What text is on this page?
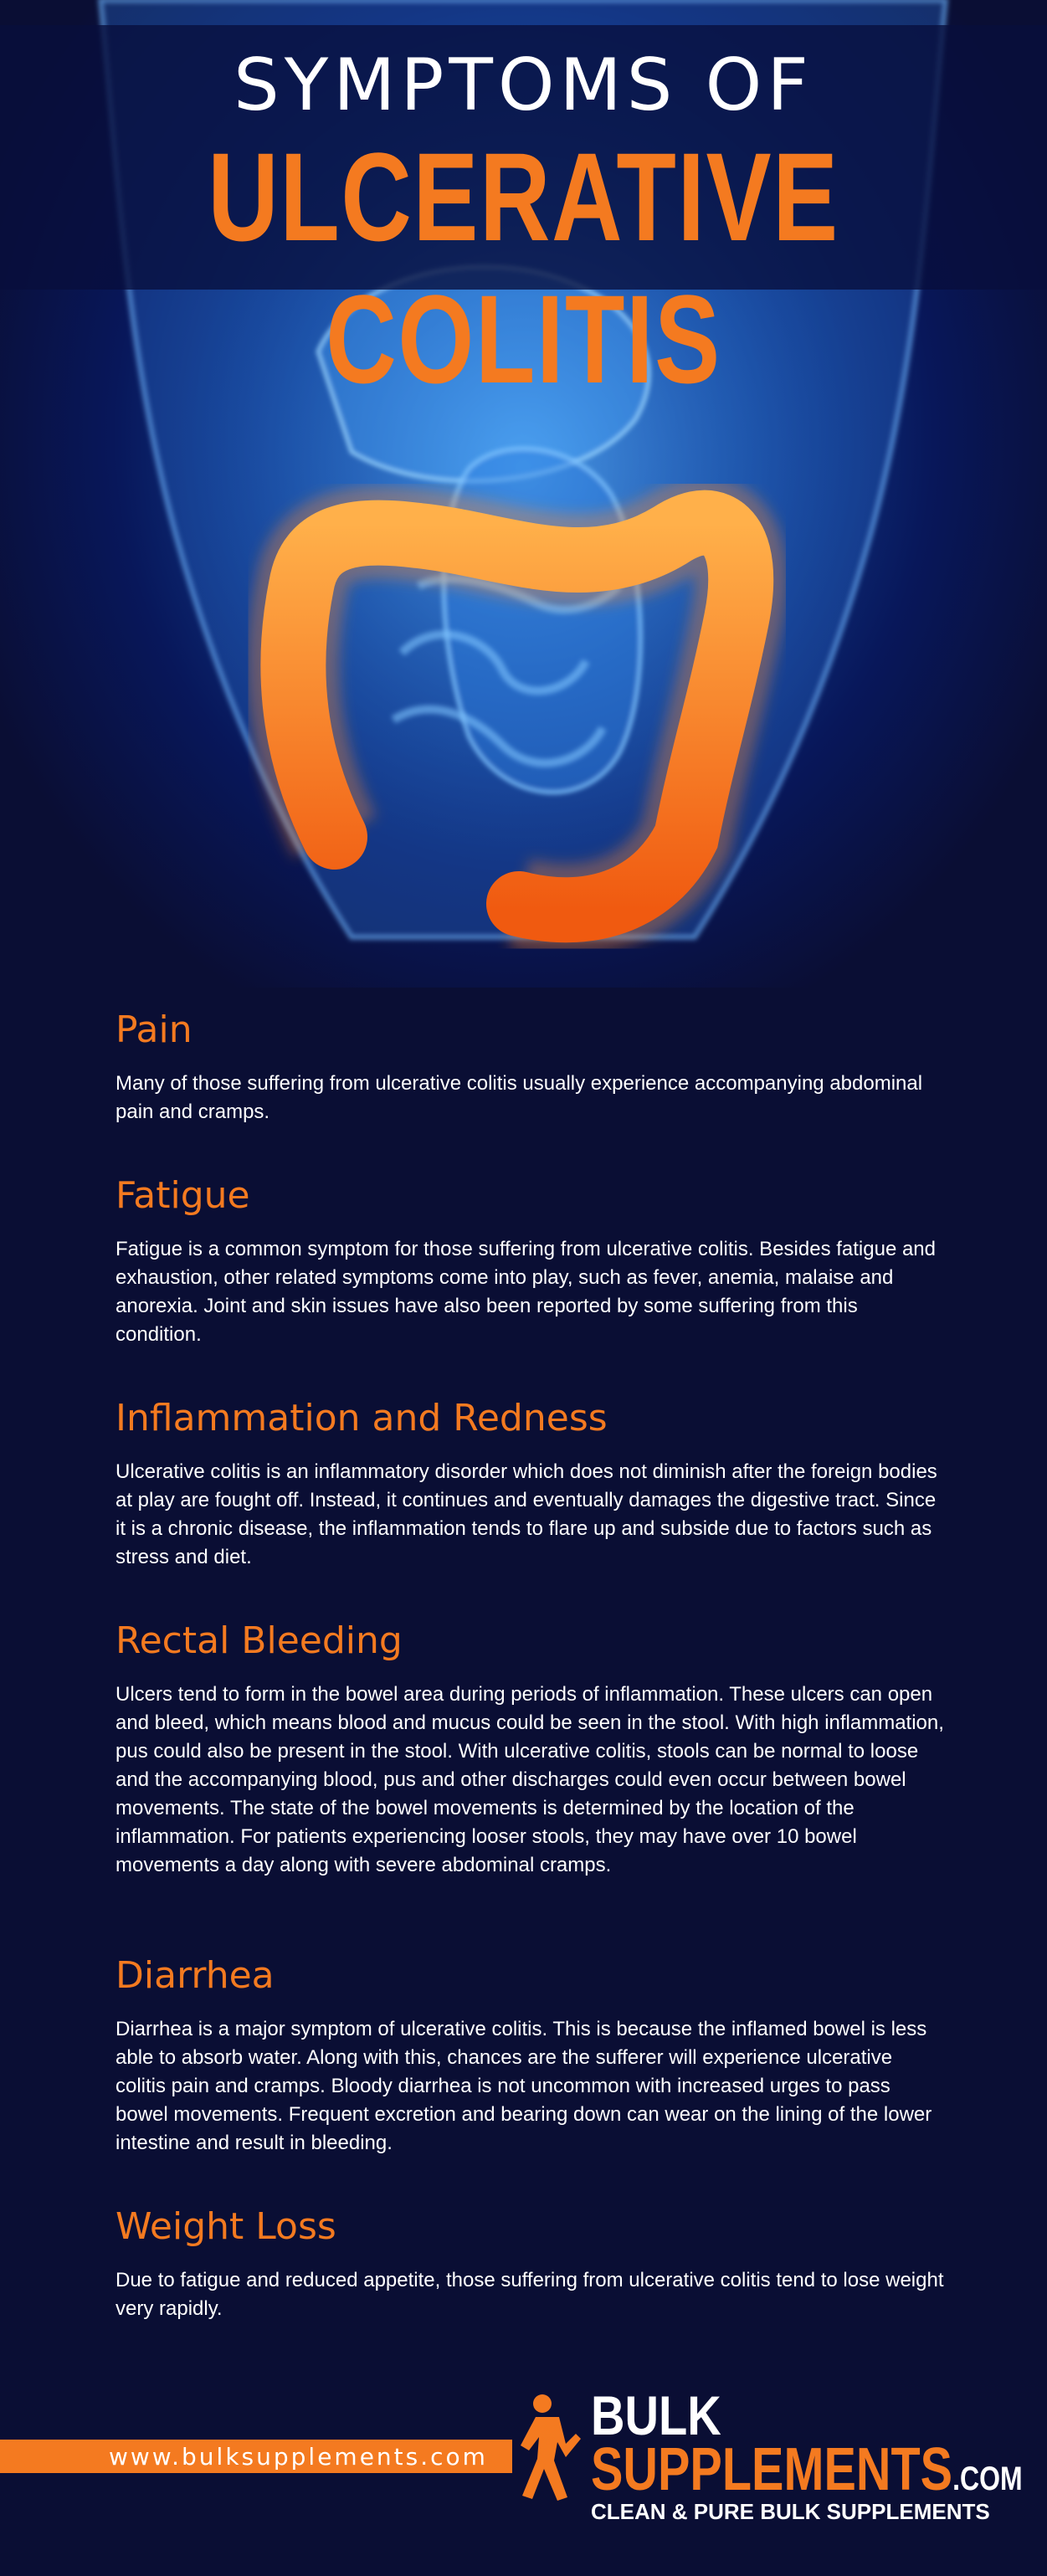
SYMPTOMS OF
ULCERATIVE COLITIS
Pain

Many of those suffering from ulcerative colitis usually experience accompanying abdominal pain and cramps.

Fatigue

Fatigue is a common symptom for those suffering from ulcerative colitis. Besides fatigue and exhaustion, other related symptoms come into play, such as fever, anemia, malaise and anorexia. Joint and skin issues have also been reported by some suffering from this condition.

Inflammation and Redness

Ulcerative colitis is an inflammatory disorder which does not diminish after the foreign bodies at play are fought off. Instead, it continues and eventually damages the digestive tract. Since it is a chronic disease, the inflammation tends to flare up and subside due to factors such as stress and diet.

Rectal Bleeding

Ulcers tend to form in the bowel area during periods of inflammation. These ulcers can open and bleed, which means blood and mucus could be seen in the stool. With high inflammation, pus could also be present in the stool. With ulcerative colitis, stools can be normal to loose and the accompanying blood, pus and other discharges could even occur between bowel movements. The state of the bowel movements is determined by the location of the inflammation. For patients experiencing looser stools, they may have over 10 bowel movements a day along with severe abdominal cramps.

Diarrhea

Diarrhea is a major symptom of ulcerative colitis. This is because the inflamed bowel is less able to absorb water. Along with this, chances are the sufferer will experience ulcerative colitis pain and cramps. Bloody diarrhea is not uncommon with increased urges to pass bowel movements. Frequent excretion and bearing down can wear on the lining of the lower intestine and result in bleeding.

Weight Loss

Due to fatigue and reduced appetite, those suffering from ulcerative colitis tend to lose weight very rapidly.

www.bulksupplements.com
BULK
SUPPLEMENTS.COM
CLEAN & PURE BULK SUPPLEMENTS
